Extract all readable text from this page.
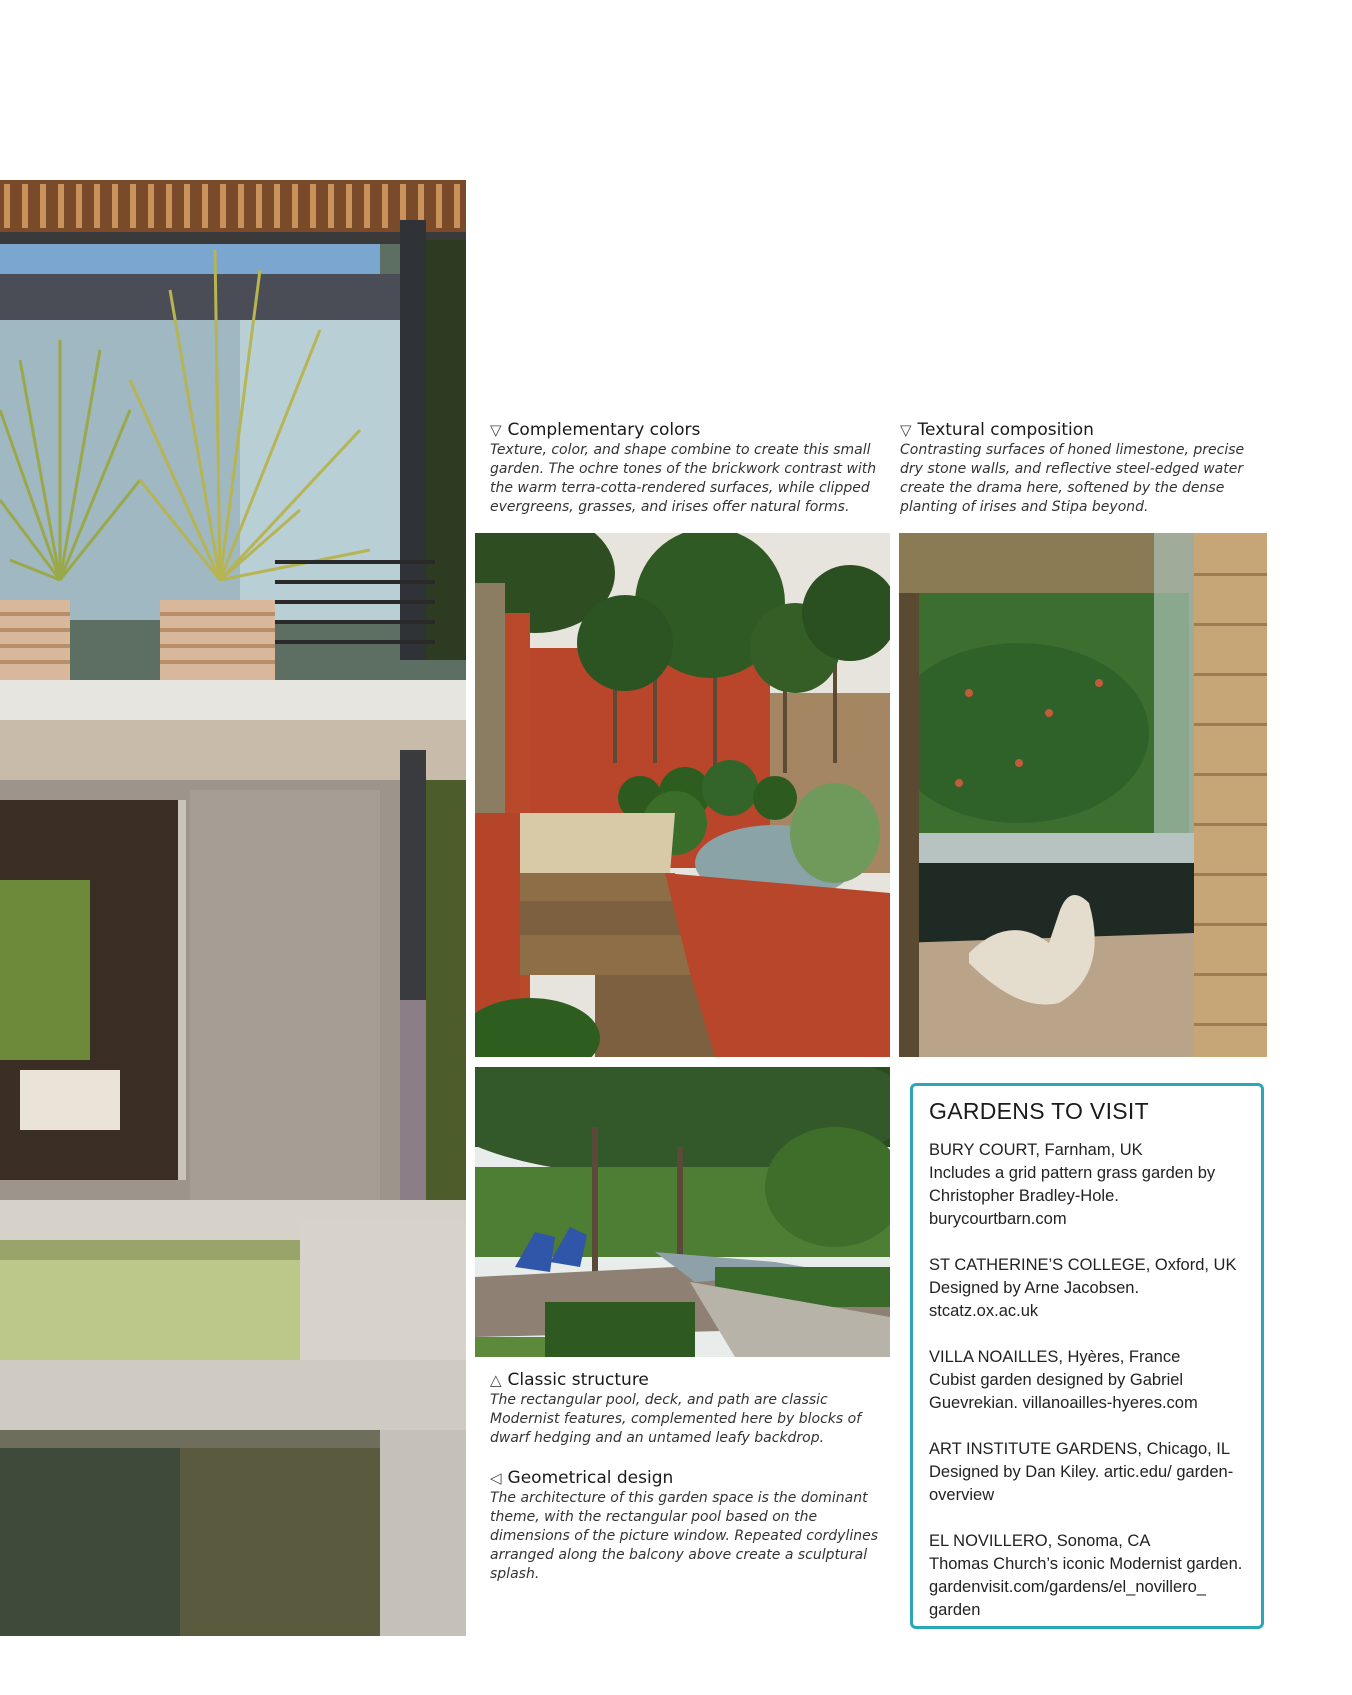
▽ Complementary colors
Texture, color, and shape combine to create this small garden. The ochre tones of the brickwork contrast with the warm terra-cotta-rendered surfaces, while clipped evergreens, grasses, and irises offer natural forms.
▽ Textural composition
Contrasting surfaces of honed limestone, precise dry stone walls, and reflective steel-edged water create the drama here, softened by the dense planting of irises and Stipa beyond.
△ Classic structure
The rectangular pool, deck, and path are classic Modernist features, complemented here by blocks of dwarf hedging and an untamed leafy backdrop.
◁ Geometrical design
The architecture of this garden space is the dominant theme, with the rectangular pool based on the dimensions of the picture window. Repeated cordylines arranged along the balcony above create a sculptural splash.
GARDENS TO VISIT
BURY COURT, Farnham, UK
Includes a grid pattern grass garden by Christopher Bradley-Hole. burycourtbarn.com
ST CATHERINE’S COLLEGE, Oxford, UK
Designed by Arne Jacobsen. stcatz.ox.ac.uk
VILLA NOAILLES, Hyères, France
Cubist garden designed by Gabriel Guevrekian. villanoailles-hyeres.com
ART INSTITUTE GARDENS, Chicago, IL
Designed by Dan Kiley. artic.edu/ garden-overview
EL NOVILLERO, Sonoma, CA
Thomas Church’s iconic Modernist garden. gardenvisit.com/gardens/el_novillero_ garden
